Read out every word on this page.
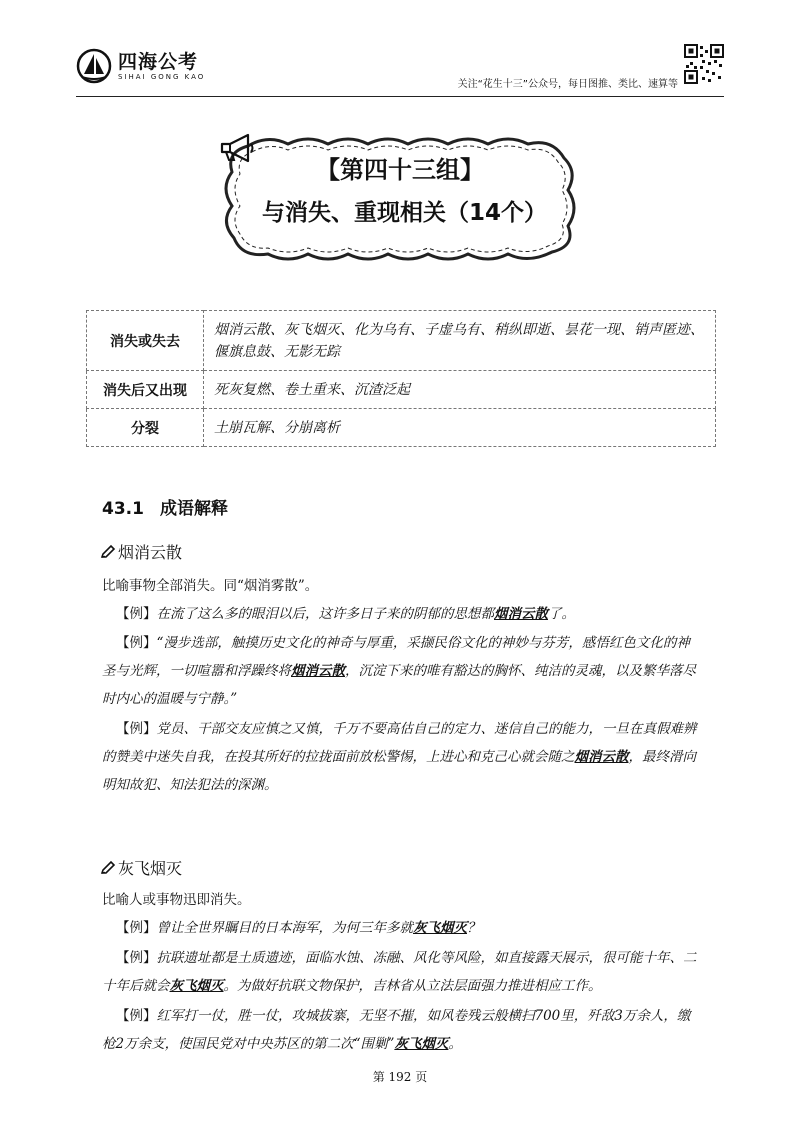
四海公考
SIHAI GONG KAO
关注“花生十三”公众号，每日图推、类比、速算等
【第四十三组】
与消失、重现相关（14个）
消失或失去	烟消云散、灰飞烟灭、化为乌有、子虚乌有、稍纵即逝、昙花一现、销声匿迹、偃旗息鼓、无影无踪
消失后又出现	死灰复燃、卷土重来、沉渣泛起
分裂	土崩瓦解、分崩离析
43.1 成语解释
烟消云散
比喻事物全部消失。同“烟消雾散”。
【例】在流了这么多的眼泪以后，这许多日子来的阴郁的思想都烟消云散了。
【例】“漫步选部，触摸历史文化的神奇与厚重，采撷民俗文化的神妙与芬芳，感悟红色文化的神圣与光辉，一切喧嚣和浮躁终将烟消云散，沉淀下来的唯有豁达的胸怀、纯洁的灵魂，以及繁华落尽时内心的温暖与宁静。”
【例】党员、干部交友应慎之又慎，千万不要高估自己的定力、迷信自己的能力，一旦在真假难辨的赞美中迷失自我，在投其所好的拉拢面前放松警惕，上进心和克己心就会随之烟消云散，最终滑向明知故犯、知法犯法的深渊。
灰飞烟灭
比喻人或事物迅即消失。
【例】曾让全世界瞩目的日本海军，为何三年多就灰飞烟灭？
【例】抗联遗址都是土质遗迹，面临水蚀、冻融、风化等风险，如直接露天展示，很可能十年、二十年后就会灰飞烟灭。为做好抗联文物保护，吉林省从立法层面强力推进相应工作。
【例】红军打一仗，胜一仗，攻城拔寨，无坚不摧，如风卷残云般横扫700里，歼敌3万余人，缴枪2万余支，使国民党对中央苏区的第二次“围剿”灰飞烟灭。
第 192 页
